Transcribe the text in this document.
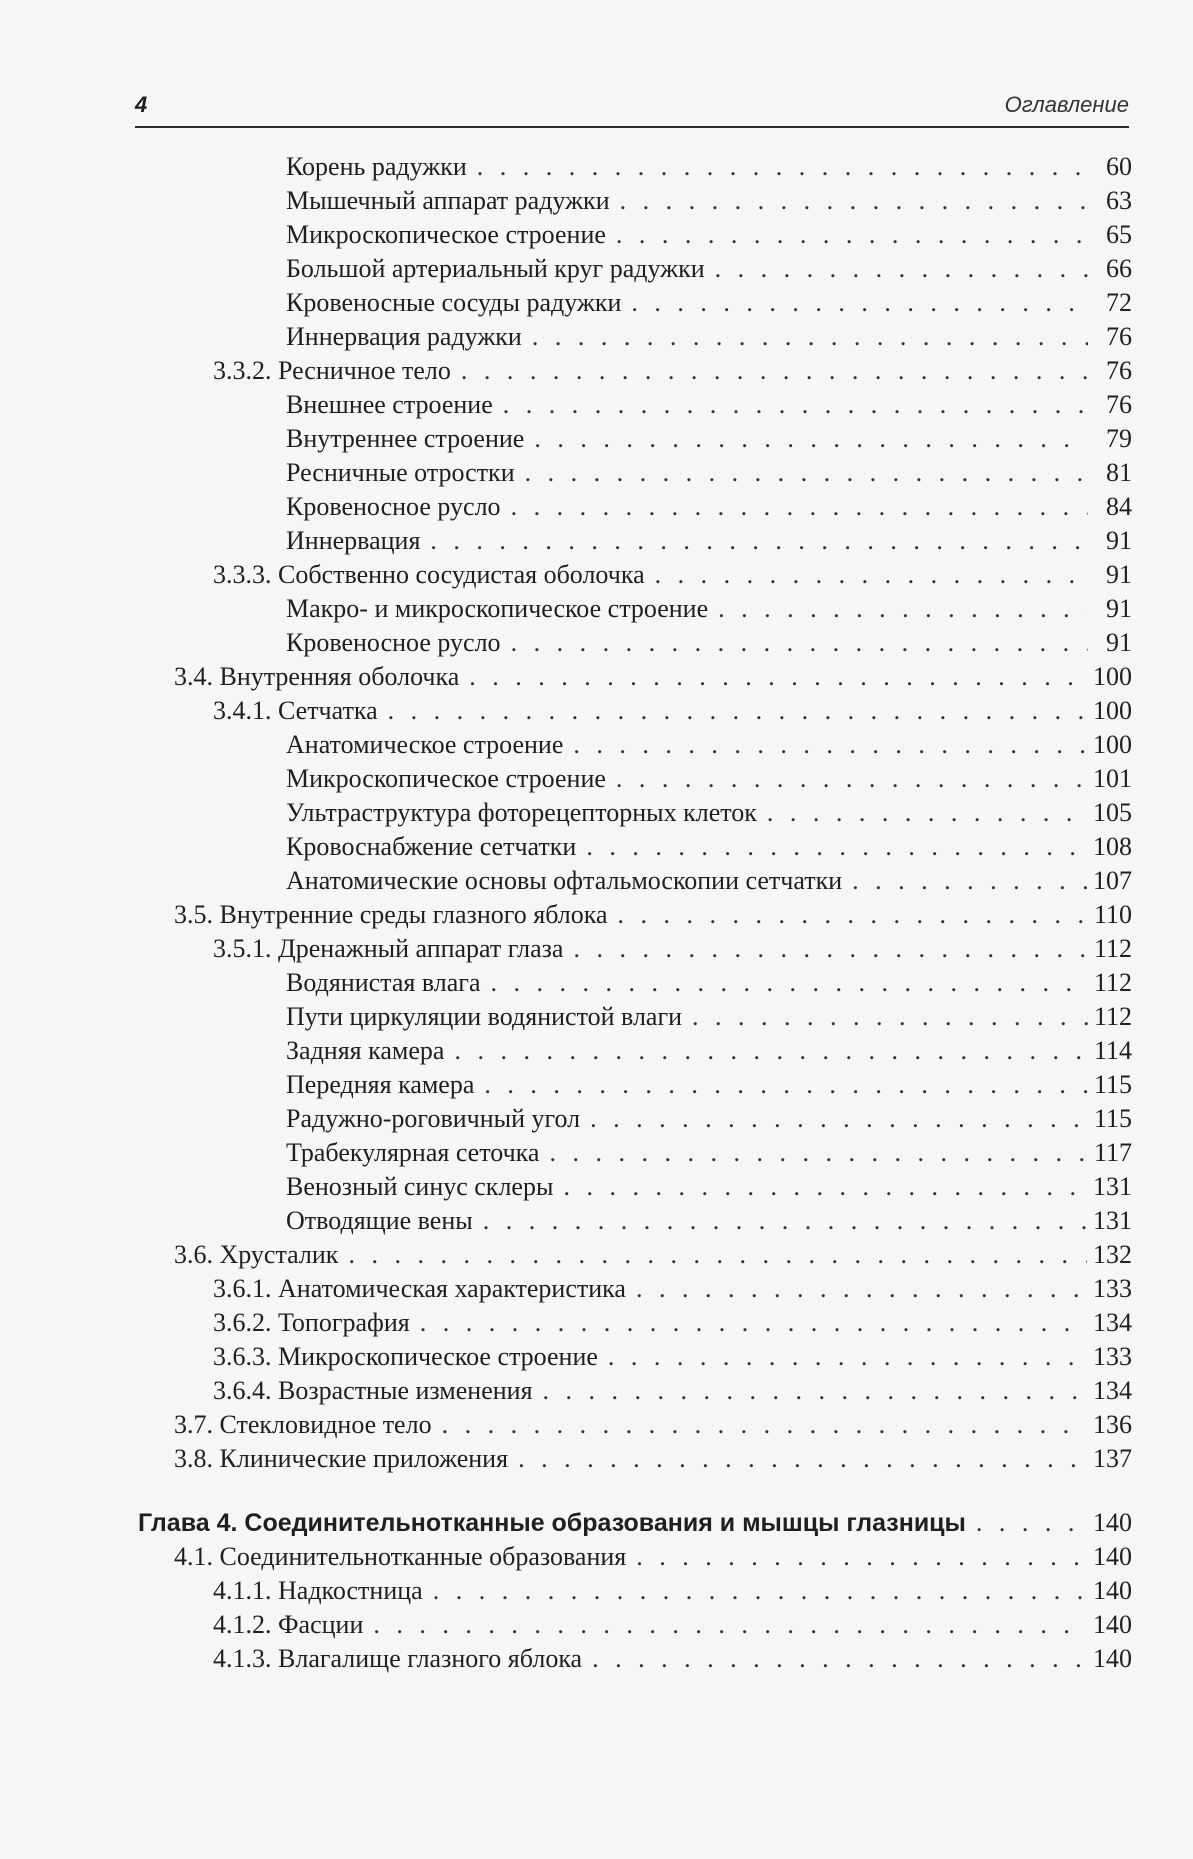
4	Оглавление
Корень радужки . . .	60
Мышечный аппарат радужки . . .	63
Микроскопическое строение . . .	65
Большой артериальный круг радужки . . .	66
Кровеносные сосуды радужки . . .	72
Иннервация радужки . . .	76
3.3.2. Ресничное тело . . .	76
Внешнее строение . . .	76
Внутреннее строение . . .	79
Ресничные отростки . . .	81
Кровеносное русло . . .	84
Иннервация . . .	91
3.3.3. Собственно сосудистая оболочка . . .	91
Макро- и микроскопическое строение . . .	91
Кровеносное русло . . .	91
3.4. Внутренняя оболочка . . .	100
3.4.1. Сетчатка . . .	100
Анатомическое строение . . .	100
Микроскопическое строение . . .	101
Ультраструктура фоторецепторных клеток . . .	105
Кровоснабжение сетчатки . . .	108
Анатомические основы офтальмоскопии сетчатки . . .	107
3.5. Внутренние среды глазного яблока . . .	110
3.5.1. Дренажный аппарат глаза . . .	112
Водянистая влага . . .	112
Пути циркуляции водянистой влаги . . .	112
Задняя камера . . .	114
Передняя камера . . .	115
Радужно-роговичный угол . . .	115
Трабекулярная сеточка . . .	117
Венозный синус склеры . . .	131
Отводящие вены . . .	131
3.6. Хрусталик . . .	132
3.6.1. Анатомическая характеристика . . .	133
3.6.2. Топография . . .	134
3.6.3. Микроскопическое строение . . .	133
3.6.4. Возрастные изменения . . .	134
3.7. Стекловидное тело . . .	136
3.8. Клинические приложения . . .	137
Глава 4. Соединительнотканные образования и мышцы глазницы . . .	140
4.1. Соединительнотканные образования . . .	140
4.1.1. Надкостница . . .	140
4.1.2. Фасции . . .	140
4.1.3. Влагалище глазного яблока . . .	140
